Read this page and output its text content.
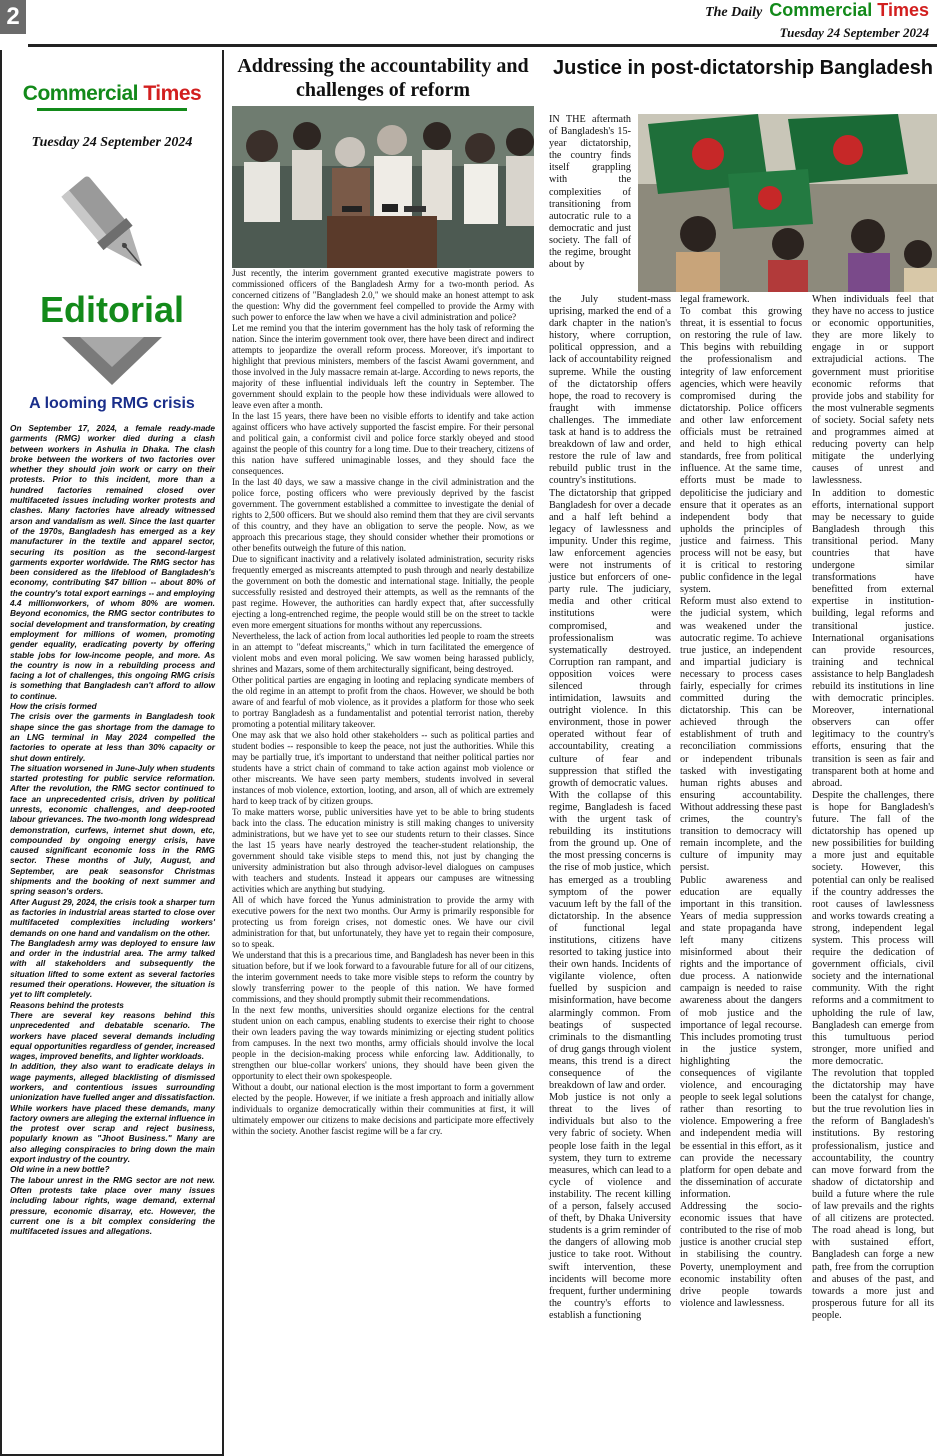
2	The Daily Commercial Times
Tuesday 24 September 2024
Commercial Times
Tuesday 24 September 2024
Editorial
A looming RMG crisis
On September 17, 2024, a female ready-made garments (RMG) worker died during a clash between workers in Ashulia in Dhaka. The clash broke between the workers of two factories over whether they should join work or carry on their protests. Prior to this incident, more than a hundred factories remained closed over multifaceted issues including worker protests and clashes. Many factories have already witnessed arson and vandalism as well. Since the last quarter of the 1970s, Bangladesh has emerged as a key manufacturer in the textile and apparel sector, securing its position as the second-largest garments exporter worldwide. The RMG sector has been considered as the lifeblood of Bangladesh's economy, contributing $47 billion -- about 80% of the country's total export earnings -- and employing 4.4 millionworkers, of whom 80% are women. Beyond economics, the RMG sector contributes to social development and transformation, by creating employment for millions of women, promoting gender equality, eradicating poverty by offering stable jobs for low-income people, and more. As the country is now in a rebuilding process and facing a lot of challenges, this ongoing RMG crisis is something that Bangladesh can't afford to allow to continue.
How the crisis formed
The crisis over the garments in Bangladesh took shape since the gas shortage from the damage to an LNG terminal in May 2024 compelled the factories to operate at less than 30% capacity or shut down entirely.
The situation worsened in June-July when students started protesting for public service reformation. After the revolution, the RMG sector continued to face an unprecedented crisis, driven by political unrests, economic challenges, and deep-rooted labour grievances. The two-month long widespread demonstration, curfews, internet shut down, etc, compounded by ongoing energy crisis, have caused significant economic loss in the RMG sector. These months of July, August, and September, are peak seasonsfor Christmas shipments and the booking of next summer and spring season's orders.
After August 29, 2024, the crisis took a sharper turn as factories in industrial areas started to close over multifaceted complexities including workers' demands on one hand and vandalism on the other.
The Bangladesh army was deployed to ensure law and order in the industrial area. The army talked with all stakeholders and subsequently the situation lifted to some extent as several factories resumed their operations. However, the situation is yet to lift completely.
Reasons behind the protests
There are several key reasons behind this unprecedented and debatable scenario. The workers have placed several demands including equal opportunities regardless of gender, increased wages, improved benefits, and lighter workloads.
In addition, they also want to eradicate delays in wage payments, alleged blacklisting of dismissed workers, and contentious issues surrounding unionization have fuelled anger and dissatisfaction. While workers have placed these demands, many factory owners are alleging the external influence in the protest over scrap and reject business, popularly known as "Jhoot Business." Many are also alleging conspiracies to bring down the main export industry of the country.
Old wine in a new bottle?
The labour unrest in the RMG sector are not new. Often protests take place over many issues including labour rights, wage demand, external pressure, economic disarray, etc. However, the current one is a bit complex considering the multifaceted issues and allegations.
Addressing the accountability and challenges of reform
Just recently, the interim government granted executive magistrate powers to commissioned officers of the Bangladesh Army for a two-month period. As concerned citizens of "Bangladesh 2.0," we should make an honest attempt to ask the question: Why did the government feel compelled to provide the Army with such power to enforce the law when we have a civil administration and police?
Let me remind you that the interim government has the holy task of reforming the nation. Since the interim government took over, there have been direct and indirect attempts to jeopardize the overall reform process. Moreover, it's important to highlight that previous ministers, members of the fascist Awami government, and those involved in the July massacre remain at-large. According to news reports, the majority of these influential individuals left the country in September. The government should explain to the people how these individuals were allowed to leave even after a month.
In the last 15 years, there have been no visible efforts to identify and take action against officers who have actively supported the fascist empire. For their personal and political gain, a conformist civil and police force starkly obeyed and stood against the people of this country for a long time. Due to their treachery, citizens of this nation have suffered unimaginable losses, and they should face the consequences.
In the last 40 days, we saw a massive change in the civil administration and the police force, posting officers who were previously deprived by the fascist government. The government established a committee to investigate the denial of rights to 2,500 officers. But we should also remind them that they are civil servants of this country, and they have an obligation to serve the people. Now, as we approach this precarious stage, they should consider whether their promotions or other benefits outweigh the future of this nation.
Due to significant inactivity and a relatively isolated administration, security risks frequently emerged as miscreants attempted to push through and nearly destabilize the government on both the domestic and international stage. Initially, the people successfully resisted and destroyed their attempts, as well as the remnants of the past regime. However, the authorities can hardly expect that, after successfully ejecting a long-entrenched regime, the people would still be on the street to tackle even more emergent situations for months without any repercussions.
Nevertheless, the lack of action from local authorities led people to roam the streets in an attempt to "defeat miscreants," which in turn facilitated the emergence of violent mobs and even moral policing. We saw women being harassed publicly, shrines and Mazars, some of them architecturally significant, being destroyed.
Other political parties are engaging in looting and replacing syndicate members of the old regime in an attempt to profit from the chaos. However, we should be both aware of and fearful of mob violence, as it provides a platform for those who seek to portray Bangladesh as a fundamentalist and potential terrorist nation, thereby promoting a potential military takeover.
One may ask that we also hold other stakeholders -- such as political parties and student bodies -- responsible to keep the peace, not just the authorities. While this may be partially true, it's important to understand that neither political parties nor students have a strict chain of command to take action against mob violence or other miscreants. We have seen party members, students involved in several instances of mob violence, extortion, looting, and arson, all of which are extremely hard to keep track of by citizen groups.
To make matters worse, public universities have yet to be able to bring students back into the class. The education ministry is still making changes to university administrations, but we have yet to see our students return to their classes. Since the last 15 years have nearly destroyed the teacher-student relationship, the government should take visible steps to mend this, not just by changing the university administration but also through advisor-level dialogues on campuses with teachers and students. Instead it appears our campuses are witnessing activities which are anything but studying.
All of which have forced the Yunus administration to provide the army with executive powers for the next two months. Our Army is primarily responsible for protecting us from foreign crises, not domestic ones. We have our civil administration for that, but unfortunately, they have yet to regain their composure, so to speak.
We understand that this is a precarious time, and Bangladesh has never been in this situation before, but if we look forward to a favourable future for all of our citizens, the interim government needs to take more visible steps to reform the country by slowly transferring power to the people of this nation. We have formed commissions, and they should promptly submit their recommendations.
In the next few months, universities should organize elections for the central student union on each campus, enabling students to exercise their right to choose their own leaders paving the way towards minimizing or ejecting student politics from campuses. In the next two months, army officials should involve the local people in the decision-making process while enforcing law. Additionally, to strengthen our blue-collar workers' unions, they should have been given the opportunity to elect their own spokespeople.
Without a doubt, our national election is the most important to form a government elected by the people. However, if we initiate a fresh approach and initially allow individuals to organize democratically within their communities at first, it will ultimately empower our citizens to make decisions and participate more effectively within the society. Another fascist regime will be a far cry.
Justice in post-dictatorship Bangladesh
IN THE aftermath of Bangladesh's 15-year dictatorship, the country finds itself grappling with the complexities of transitioning from autocratic rule to a democratic and just society. The fall of the regime, brought about by
the July student-mass uprising, marked the end of a dark chapter in the nation's history, where corruption, political oppression, and a lack of accountability reigned supreme. While the ousting of the dictatorship offers hope, the road to recovery is fraught with immense challenges. The immediate task at hand is to address the breakdown of law and order, restore the rule of law and rebuild public trust in the country's institutions.
The dictatorship that gripped Bangladesh for over a decade and a half left behind a legacy of lawlessness and impunity. Under this regime, law enforcement agencies were not instruments of justice but enforcers of one-party rule. The judiciary, media and other critical institutions were compromised, and professionalism was systematically destroyed. Corruption ran rampant, and opposition voices were silenced through intimidation, lawsuits and outright violence. In this environment, those in power operated without fear of accountability, creating a culture of fear and suppression that stifled the growth of democratic values.
With the collapse of this regime, Bangladesh is faced with the urgent task of rebuilding its institutions from the ground up. One of the most pressing concerns is the rise of mob justice, which has emerged as a troubling symptom of the power vacuum left by the fall of the dictatorship. In the absence of functional legal institutions, citizens have resorted to taking justice into their own hands. Incidents of vigilante violence, often fuelled by suspicion and misinformation, have become alarmingly common. From beatings of suspected criminals to the dismantling of drug gangs through violent means, this trend is a direct consequence of the breakdown of law and order.
Mob justice is not only a threat to the lives of individuals but also to the very fabric of society. When people lose faith in the legal system, they turn to extreme measures, which can lead to a cycle of violence and instability. The recent killing of a person, falsely accused of theft, by Dhaka University students is a grim reminder of the dangers of allowing mob justice to take root. Without swift intervention, these incidents will become more frequent, further undermining the country's efforts to establish a functioning
legal framework.
To combat this growing threat, it is essential to focus on restoring the rule of law. This begins with rebuilding the professionalism and integrity of law enforcement agencies, which were heavily compromised during the dictatorship. Police officers and other law enforcement officials must be retrained and held to high ethical standards, free from political influence. At the same time, efforts must be made to depoliticise the judiciary and ensure that it operates as an independent body that upholds the principles of justice and fairness. This process will not be easy, but it is critical to restoring public confidence in the legal system.
Reform must also extend to the judicial system, which was weakened under the autocratic regime. To achieve true justice, an independent and impartial judiciary is necessary to process cases fairly, especially for crimes committed during the dictatorship. This can be achieved through the establishment of truth and reconciliation commissions or independent tribunals tasked with investigating human rights abuses and ensuring accountability. Without addressing these past crimes, the country's transition to democracy will remain incomplete, and the culture of impunity may persist.
Public awareness and education are equally important in this transition. Years of media suppression and state propaganda have left many citizens misinformed about their rights and the importance of due process. A nationwide campaign is needed to raise awareness about the dangers of mob justice and the importance of legal recourse. This includes promoting trust in the justice system, highlighting the consequences of vigilante violence, and encouraging people to seek legal solutions rather than resorting to violence. Empowering a free and independent media will be essential in this effort, as it can provide the necessary platform for open debate and the dissemination of accurate information.
Addressing the socio-economic issues that have contributed to the rise of mob justice is another crucial step in stabilising the country. Poverty, unemployment and economic instability often drive people towards violence and lawlessness.
When individuals feel that they have no access to justice or economic opportunities, they are more likely to engage in or support extrajudicial actions. The government must prioritise economic reforms that provide jobs and stability for the most vulnerable segments of society. Social safety nets and programmes aimed at reducing poverty can help mitigate the underlying causes of unrest and lawlessness.
In addition to domestic efforts, international support may be necessary to guide Bangladesh through this transitional period. Many countries that have undergone similar transformations have benefitted from external expertise in institution-building, legal reforms and transitional justice. International organisations can provide resources, training and technical assistance to help Bangladesh rebuild its institutions in line with democratic principles. Moreover, international observers can offer legitimacy to the country's efforts, ensuring that the transition is seen as fair and transparent both at home and abroad.
Despite the challenges, there is hope for Bangladesh's future. The fall of the dictatorship has opened up new possibilities for building a more just and equitable society. However, this potential can only be realised if the country addresses the root causes of lawlessness and works towards creating a strong, independent legal system. This process will require the dedication of government officials, civil society and the international community. With the right reforms and a commitment to upholding the rule of law, Bangladesh can emerge from this tumultuous period stronger, more unified and more democratic.
The revolution that toppled the dictatorship may have been the catalyst for change, but the true revolution lies in the reform of Bangladesh's institutions. By restoring professionalism, justice and accountability, the country can move forward from the shadow of dictatorship and build a future where the rule of law prevails and the rights of all citizens are protected. The road ahead is long, but with sustained effort, Bangladesh can forge a new path, free from the corruption and abuses of the past, and towards a more just and prosperous future for all its people.
